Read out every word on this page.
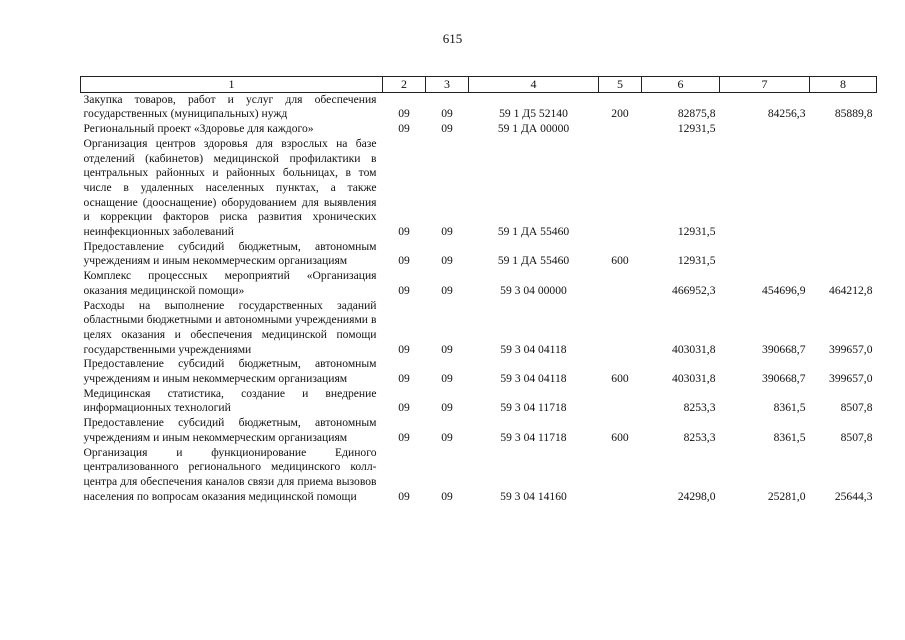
615
1	2	3	4	5	6	7	8
Закупка товаров, работ и услуг для обеспечения государственных (муниципальных) нужд	09	09	59 1 Д5 52140	200	82875,8	84256,3	85889,8
Региональный проект «Здоровье для каждого»	09	09	59 1 ДА 00000		12931,5		
Организация центров здоровья для взрослых на базе отделений (кабинетов) медицинской профилактики в центральных районных и районных больницах, в том числе в удаленных населенных пунктах, а также оснащение (дооснащение) оборудованием для выявления и коррекции факторов риска развития хронических неинфекционных заболеваний	09	09	59 1 ДА 55460		12931,5		
Предоставление субсидий бюджетным, автономным учреждениям и иным некоммерческим организациям	09	09	59 1 ДА 55460	600	12931,5		
Комплекс процессных мероприятий «Организация оказания медицинской помощи»	09	09	59 3 04 00000		466952,3	454696,9	464212,8
Расходы на выполнение государственных заданий областными бюджетными и автономными учреждениями в целях оказания и обеспечения медицинской помощи государственными учреждениями	09	09	59 3 04 04118		403031,8	390668,7	399657,0
Предоставление субсидий бюджетным, автономным учреждениям и иным некоммерческим организациям	09	09	59 3 04 04118	600	403031,8	390668,7	399657,0
Медицинская статистика, создание и внедрение информационных технологий	09	09	59 3 04 11718		8253,3	8361,5	8507,8
Предоставление субсидий бюджетным, автономным учреждениям и иным некоммерческим организациям	09	09	59 3 04 11718	600	8253,3	8361,5	8507,8
Организация и функционирование Единого централизованного регионального медицинского колл-центра для обеспечения каналов связи для приема вызовов населения по вопросам оказания медицинской помощи	09	09	59 3 04 14160		24298,0	25281,0	25644,3
